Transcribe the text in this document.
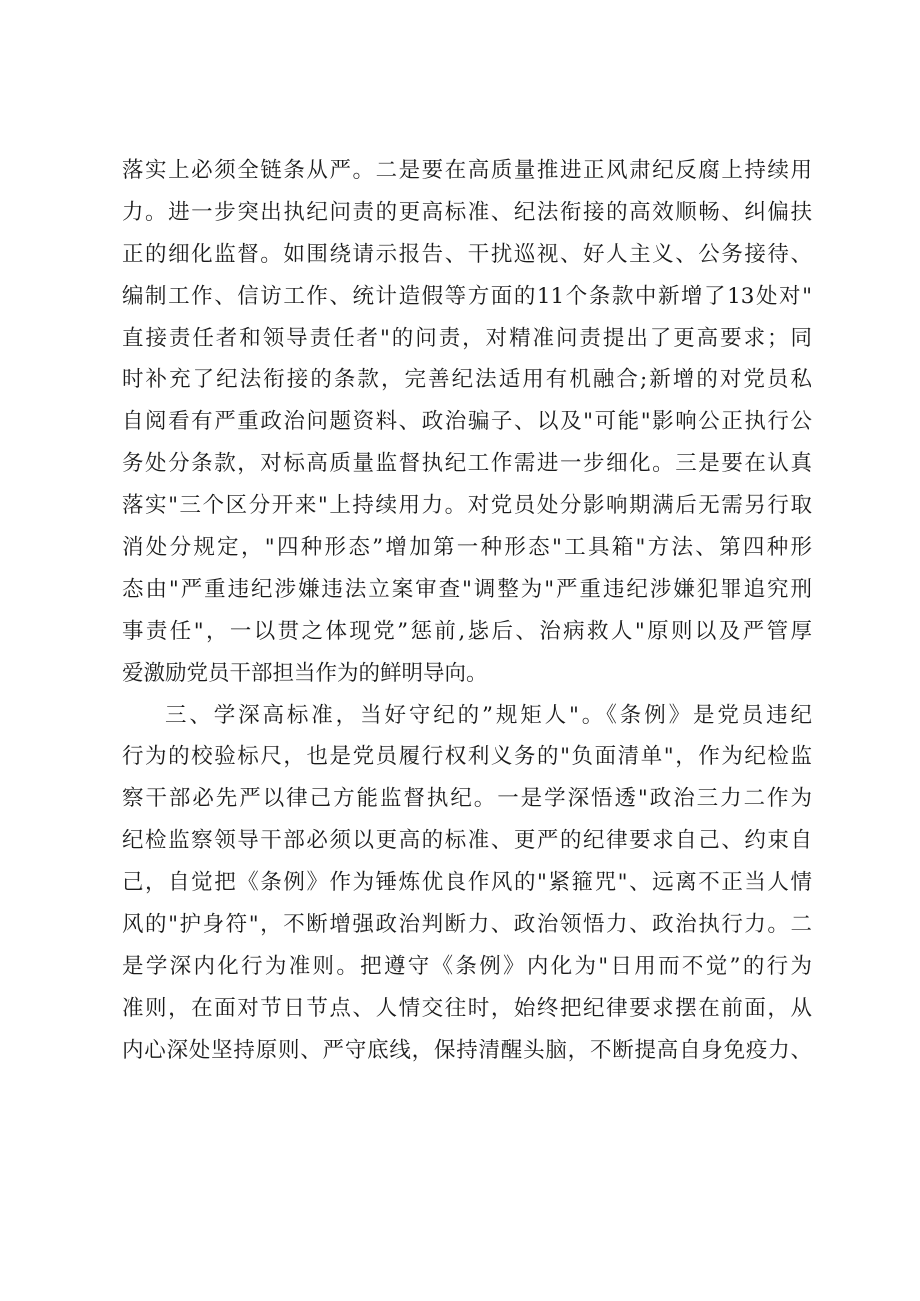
落实上必须全链条从严。二是要在高质量推进正风肃纪反腐上持续用
力。进一步突出执纪问责的更高标准、纪法衔接的高效顺畅、纠偏扶
正的细化监督。如围绕请示报告、干扰巡视、好人主义、公务接待、
编制工作、信访工作、统计造假等方面的11个条款中新增了13处对"
直接责任者和领导责任者"的问责，对精准问责提出了更高要求；同
时补充了纪法衔接的条款，完善纪法适用有机融合;新增的对党员私
自阅看有严重政治问题资料、政治骗子、以及"可能"影响公正执行公
务处分条款，对标高质量监督执纪工作需进一步细化。三是要在认真
落实"三个区分开来"上持续用力。对党员处分影响期满后无需另行取
消处分规定，"四种形态”增加第一种形态"工具箱"方法、第四种形
态由"严重违纪涉嫌违法立案审查"调整为"严重违纪涉嫌犯罪追究刑
事责任"，一以贯之体现党”惩前,毖后、治病救人"原则以及严管厚
爱激励党员干部担当作为的鲜明导向。
三、学深高标准，当好守纪的”规矩人"。《条例》是党员违纪
行为的校验标尺，也是党员履行权利义务的"负面清单"，作为纪检监
察干部必先严以律己方能监督执纪。一是学深悟透"政治三力二作为
纪检监察领导干部必须以更高的标准、更严的纪律要求自己、约束自
己，自觉把《条例》作为锤炼优良作风的"紧箍咒"、远离不正当人情
风的"护身符"，不断增强政治判断力、政治领悟力、政治执行力。二
是学深内化行为准则。把遵守《条例》内化为"日用而不觉”的行为
准则，在面对节日节点、人情交往时，始终把纪律要求摆在前面，从
内心深处坚持原则、严守底线，保持清醒头脑，不断提高自身免疫力、
